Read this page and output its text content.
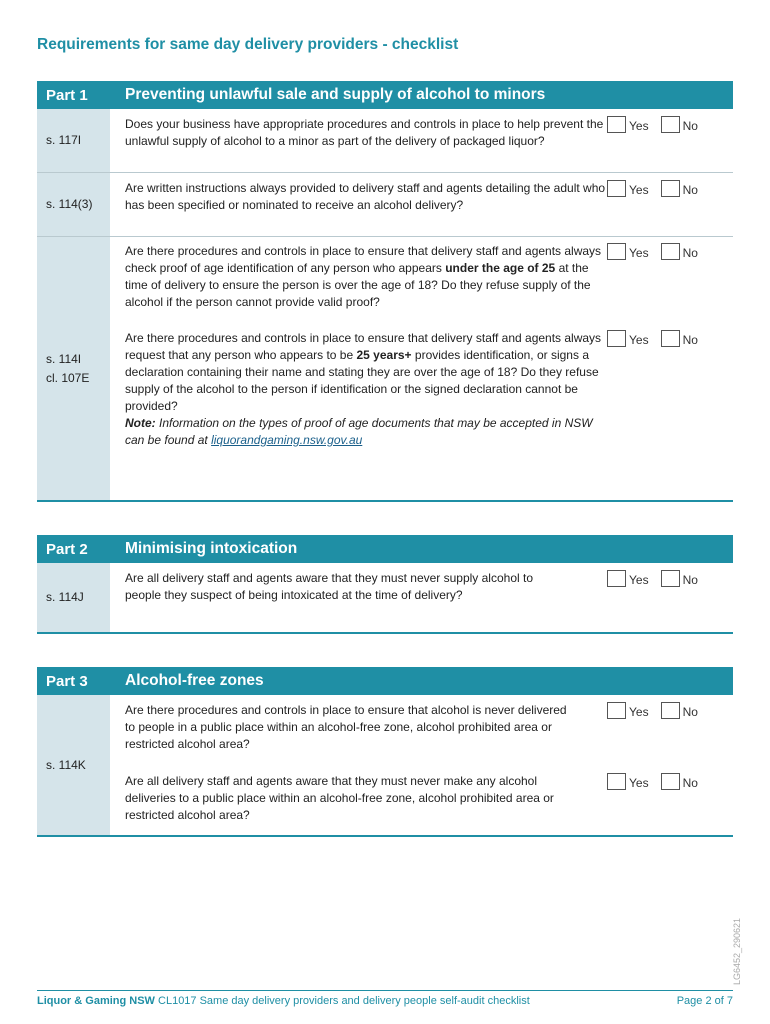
Requirements for same day delivery providers - checklist
Part 1	Preventing unlawful sale and supply of alcohol to minors
s. 117I
Does your business have appropriate procedures and controls in place to help prevent the unlawful supply of alcohol to a minor as part of the delivery of packaged liquor?
Yes	No
s. 114(3)
Are written instructions always provided to delivery staff and agents detailing the adult who has been specified or nominated to receive an alcohol delivery?
Yes	No
s. 114I
cl. 107E
Are there procedures and controls in place to ensure that delivery staff and agents always check proof of age identification of any person who appears under the age of 25 at the time of delivery to ensure the person is over the age of 18? Do they refuse supply of the alcohol if the person cannot provide valid proof?
Yes	No
Are there procedures and controls in place to ensure that delivery staff and agents always request that any person who appears to be 25 years+ provides identification, or signs a declaration containing their name and stating they are over the age of 18? Do they refuse supply of the alcohol to the person if identification or the signed declaration cannot be provided?
Note: Information on the types of proof of age documents that may be accepted in NSW can be found at liquorandgaming.nsw.gov.au
Yes	No
Part 2	Minimising intoxication
s. 114J
Are all delivery staff and agents aware that they must never supply alcohol to people they suspect of being intoxicated at the time of delivery?
Yes	No
Part 3	Alcohol-free zones
s. 114K
Are there procedures and controls in place to ensure that alcohol is never delivered to people in a public place within an alcohol-free zone, alcohol prohibited area or restricted alcohol area?
Yes	No
Are all delivery staff and agents aware that they must never make any alcohol deliveries to a public place within an alcohol-free zone, alcohol prohibited area or restricted alcohol area?
Yes	No
LG6452_290621
Liquor & Gaming NSW CL1017 Same day delivery providers and delivery people self-audit checklist	Page 2 of 7
